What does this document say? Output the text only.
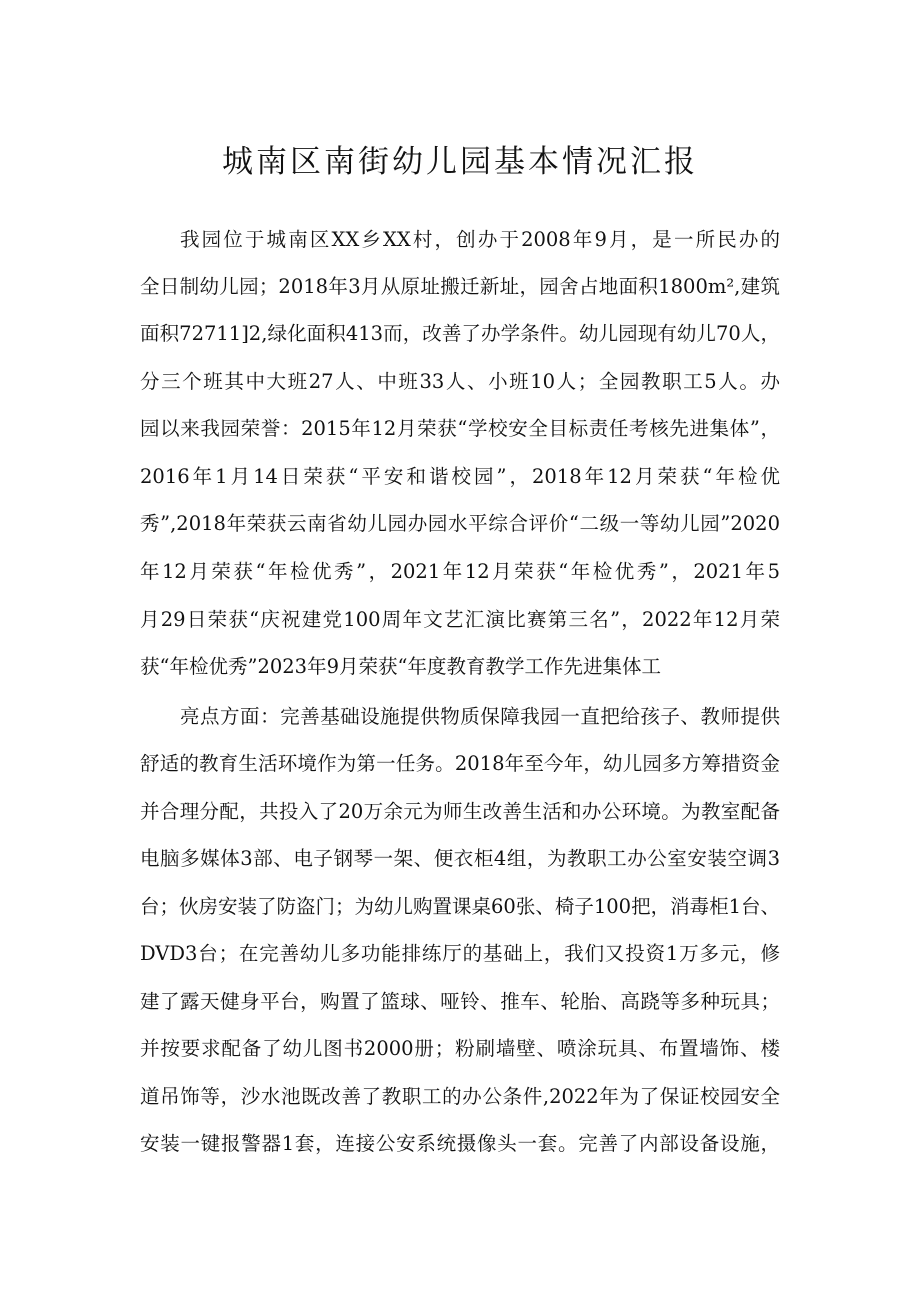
城南区南街幼儿园基本情况汇报

我园位于城南区XX乡XX村，创办于2008年9月，是一所民办的

全日制幼儿园；2018年3月从原址搬迁新址，园舍占地面积1800m²,建筑

面积72711]2,绿化面积413而，改善了办学条件。幼儿园现有幼儿70人，

分三个班其中大班27人、中班33人、小班10人；全园教职工5人。办

园以来我园荣誉：2015年12月荣获“学校安全目标责任考核先进集体”，

2016年1月14日荣获“平安和谐校园”，2018年12月荣获“年检优

秀”,2018年荣获云南省幼儿园办园水平综合评价“二级一等幼儿园”2020

年12月荣获“年检优秀”，2021年12月荣获“年检优秀”，2021年5

月29日荣获“庆祝建党100周年文艺汇演比赛第三名”，2022年12月荣

获“年检优秀”2023年9月荣获“年度教育教学工作先进集体工

亮点方面：完善基础设施提供物质保障我园一直把给孩子、教师提供

舒适的教育生活环境作为第一任务。2018年至今年，幼儿园多方筹措资金

并合理分配，共投入了20万余元为师生改善生活和办公环境。为教室配备

电脑多媒体3部、电子钢琴一架、便衣柜4组，为教职工办公室安装空调3

台；伙房安装了防盗门；为幼儿购置课桌60张、椅子100把，消毒柜1台、

DVD3台；在完善幼儿多功能排练厅的基础上，我们又投资1万多元，修

建了露天健身平台，购置了篮球、哑铃、推车、轮胎、高跷等多种玩具；

并按要求配备了幼儿图书2000册；粉刷墙壁、喷涂玩具、布置墙饰、楼

道吊饰等，沙水池既改善了教职工的办公条件,2022年为了保证校园安全

安装一键报警器1套，连接公安系统摄像头一套。完善了内部设备设施，
